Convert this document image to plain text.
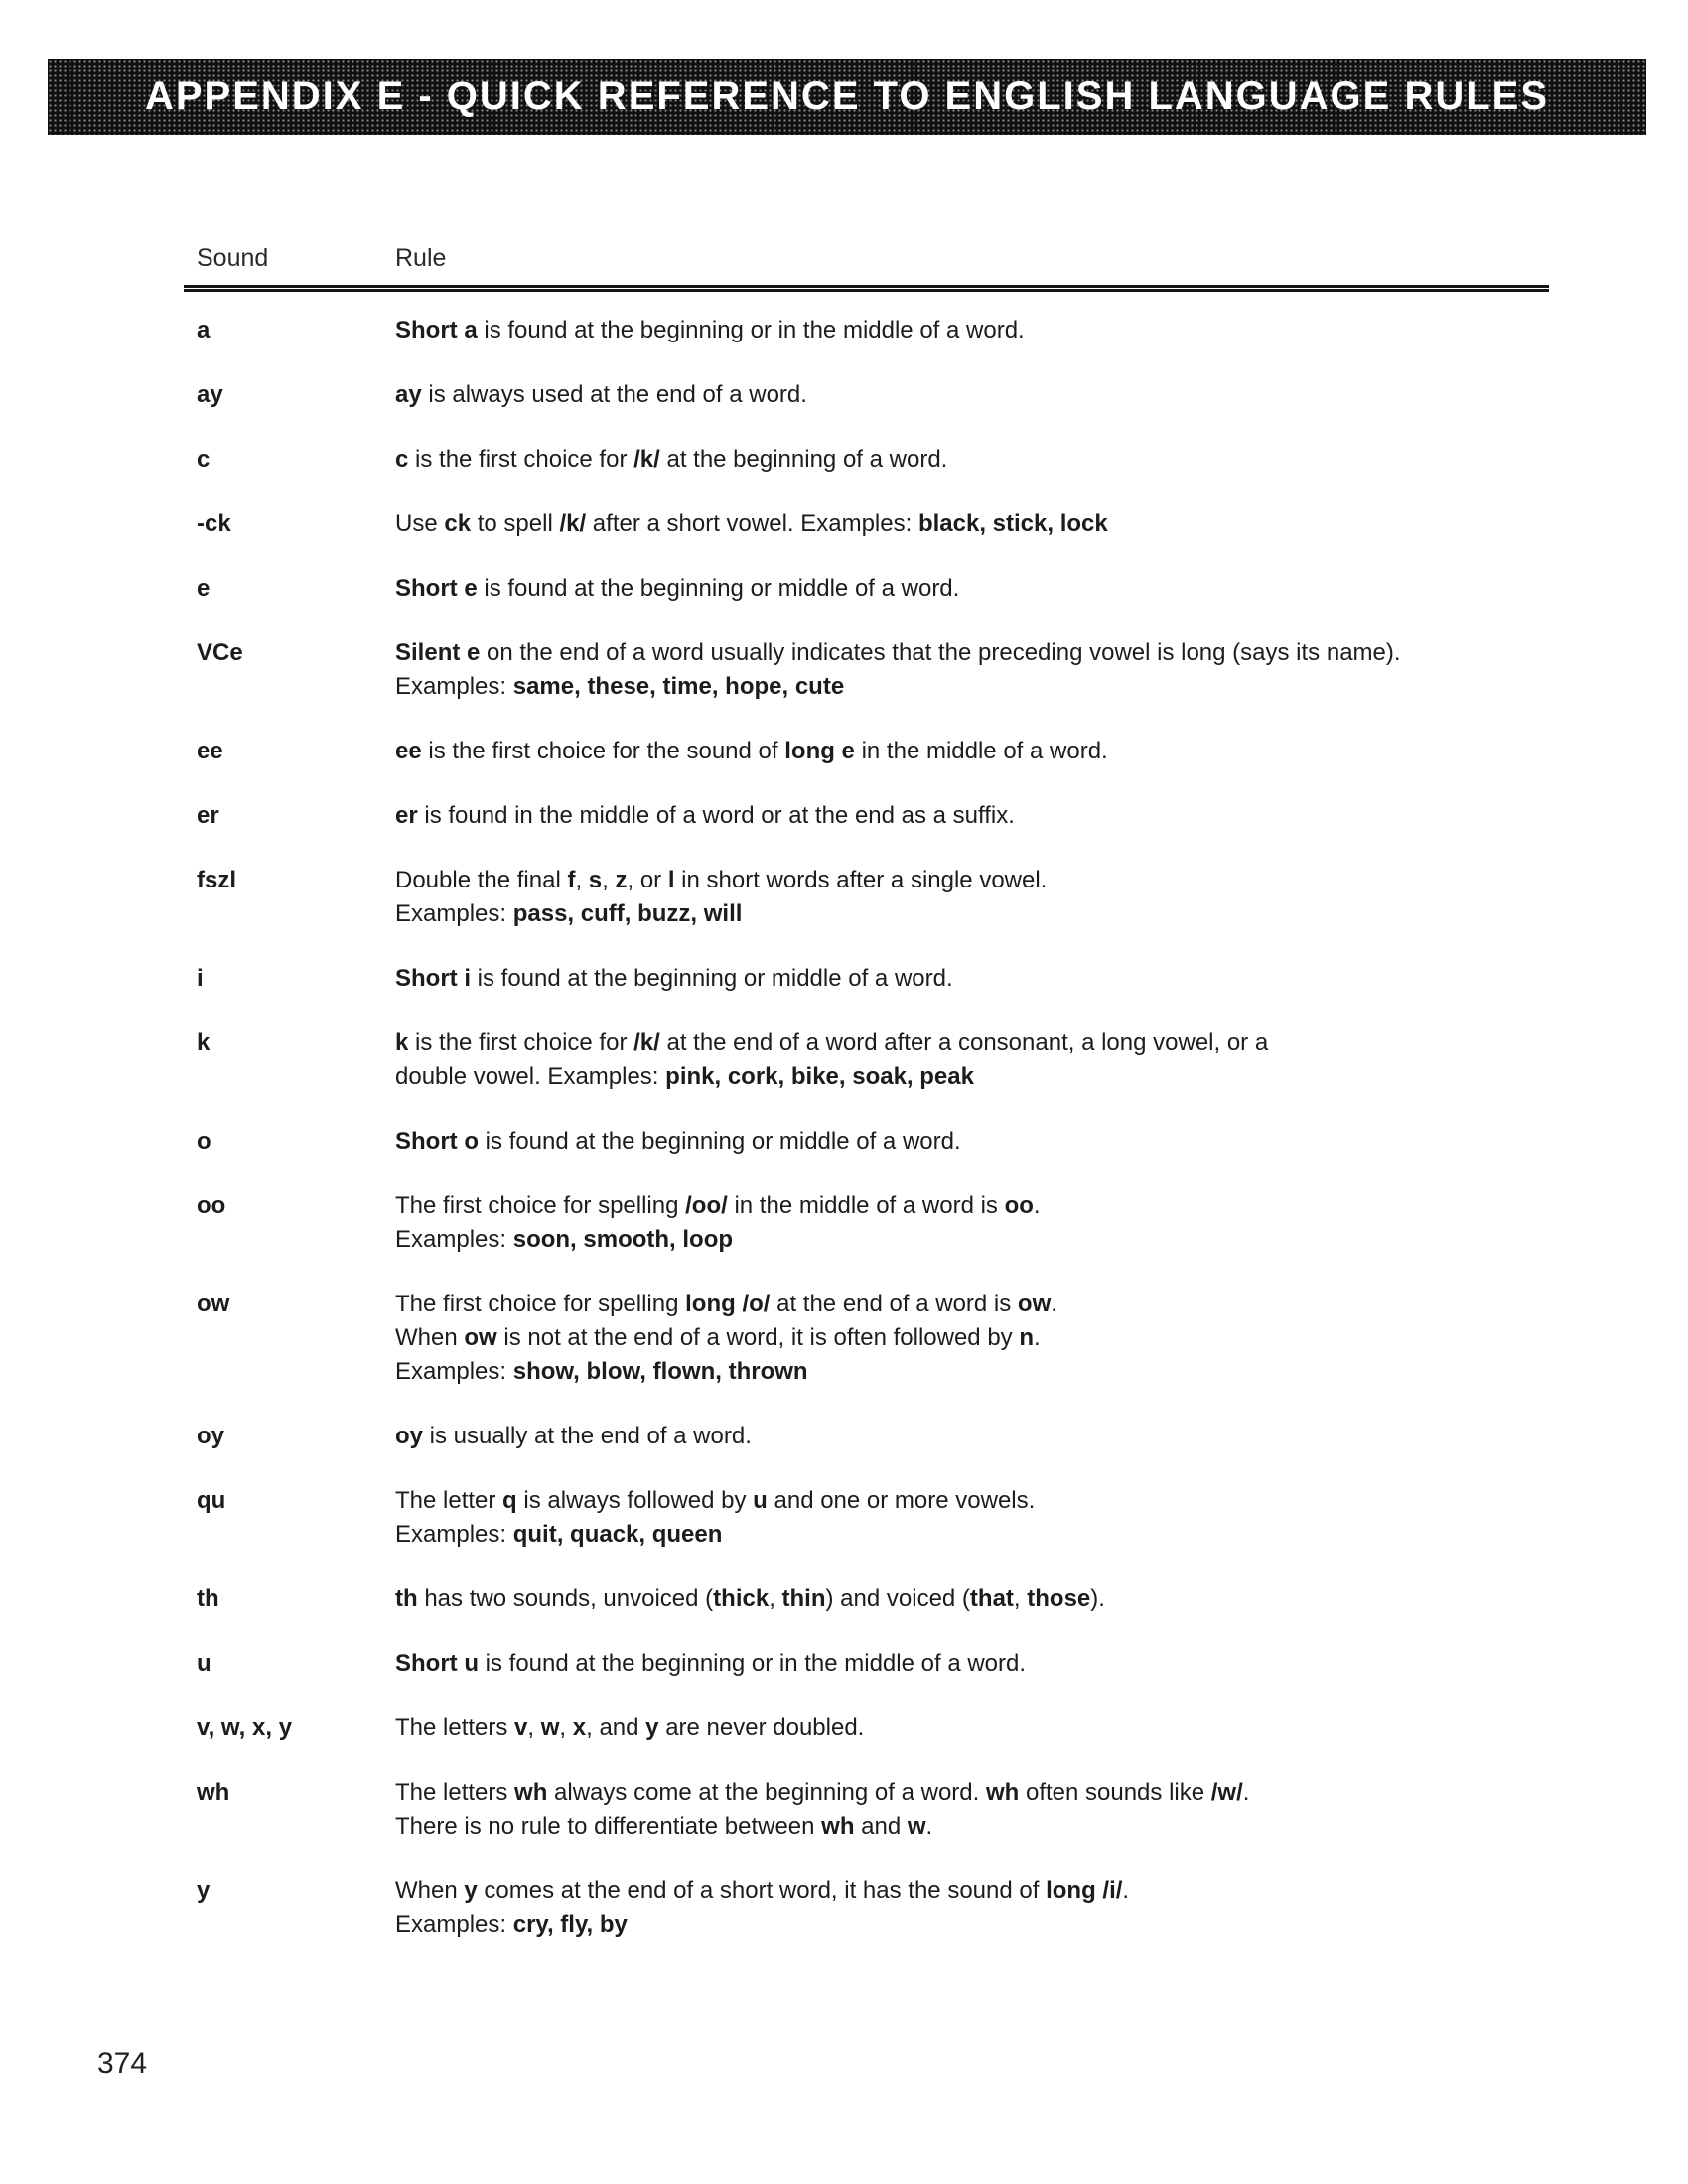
APPENDIX E - QUICK REFERENCE TO ENGLISH LANGUAGE RULES
Sound	Rule
a	Short a is found at the beginning or in the middle of a word.
ay	ay is always used at the end of a word.
c	c is the first choice for /k/ at the beginning of a word.
-ck	Use ck to spell /k/ after a short vowel. Examples: black, stick, lock
e	Short e is found at the beginning or middle of a word.
VCe	Silent e on the end of a word usually indicates that the preceding vowel is long (says its name).
Examples: same, these, time, hope, cute
ee	ee is the first choice for the sound of long e in the middle of a word.
er	er is found in the middle of a word or at the end as a suffix.
fszl	Double the final f, s, z, or l in short words after a single vowel.
Examples: pass, cuff, buzz, will
i	Short i is found at the beginning or middle of a word.
k	k is the first choice for /k/ at the end of a word after a consonant, a long vowel, or a
double vowel. Examples: pink, cork, bike, soak, peak
o	Short o is found at the beginning or middle of a word.
oo	The first choice for spelling /oo/ in the middle of a word is oo.
Examples: soon, smooth, loop
ow	The first choice for spelling long /o/ at the end of a word is ow.
When ow is not at the end of a word, it is often followed by n.
Examples: show, blow, flown, thrown
oy	oy is usually at the end of a word.
qu	The letter q is always followed by u and one or more vowels.
Examples: quit, quack, queen
th	th has two sounds, unvoiced (thick, thin) and voiced (that, those).
u	Short u is found at the beginning or in the middle of a word.
v, w, x, y	The letters v, w, x, and y are never doubled.
wh	The letters wh always come at the beginning of a word. wh often sounds like /w/.
There is no rule to differentiate between wh and w.
y	When y comes at the end of a short word, it has the sound of long /i/.
Examples: cry, fly, by
374
